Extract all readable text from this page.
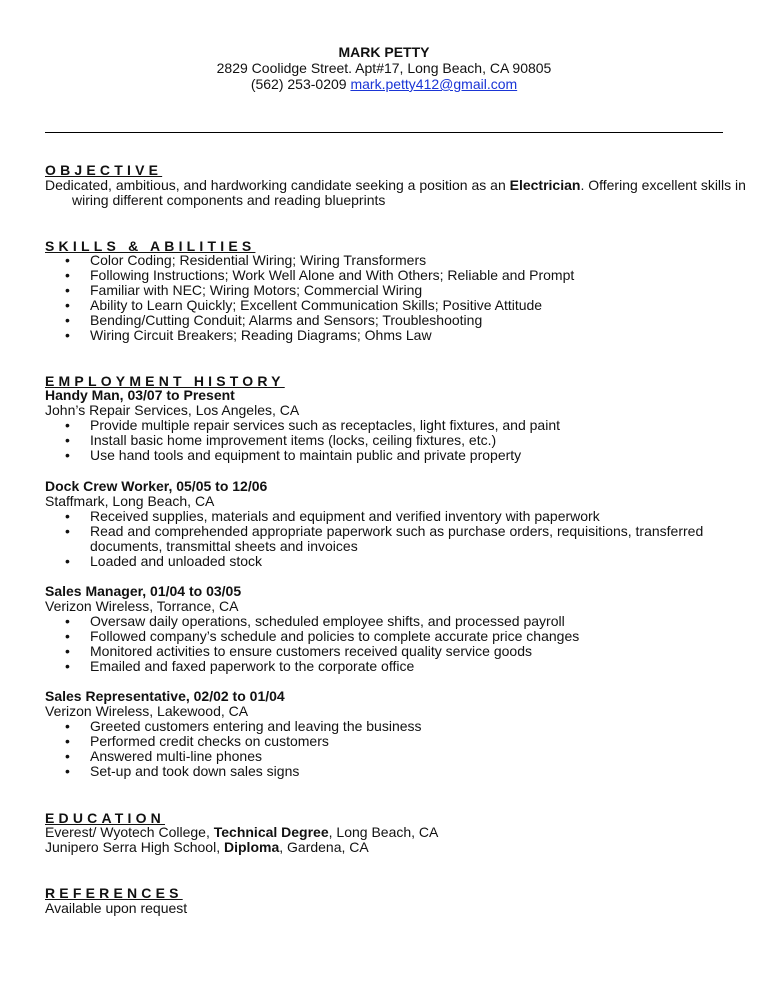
MARK PETTY
2829 Coolidge Street. Apt#17, Long Beach, CA 90805
(562) 253-0209 mark.petty412@gmail.com
OBJECTIVE
Dedicated, ambitious, and hardworking candidate seeking a position as an Electrician. Offering excellent skills in wiring different components and reading blueprints
SKILLS & ABILITIES
• Color Coding; Residential Wiring; Wiring Transformers
• Following Instructions; Work Well Alone and With Others; Reliable and Prompt
• Familiar with NEC; Wiring Motors; Commercial Wiring
• Ability to Learn Quickly; Excellent Communication Skills; Positive Attitude
• Bending/Cutting Conduit; Alarms and Sensors; Troubleshooting
• Wiring Circuit Breakers; Reading Diagrams; Ohms Law
EMPLOYMENT HISTORY
Handy Man, 03/07 to Present
John’s Repair Services, Los Angeles, CA
• Provide multiple repair services such as receptacles, light fixtures, and paint
• Install basic home improvement items (locks, ceiling fixtures, etc.)
• Use hand tools and equipment to maintain public and private property
Dock Crew Worker, 05/05 to 12/06
Staffmark, Long Beach, CA
• Received supplies, materials and equipment and verified inventory with paperwork
• Read and comprehended appropriate paperwork such as purchase orders, requisitions, transferred documents, transmittal sheets and invoices
• Loaded and unloaded stock
Sales Manager, 01/04 to 03/05
Verizon Wireless, Torrance, CA
• Oversaw daily operations, scheduled employee shifts, and processed payroll
• Followed company’s schedule and policies to complete accurate price changes
• Monitored activities to ensure customers received quality service goods
• Emailed and faxed paperwork to the corporate office
Sales Representative, 02/02 to 01/04
Verizon Wireless, Lakewood, CA
• Greeted customers entering and leaving the business
• Performed credit checks on customers
• Answered multi-line phones
• Set-up and took down sales signs
EDUCATION
Everest/ Wyotech College, Technical Degree, Long Beach, CA
Junipero Serra High School, Diploma, Gardena, CA
REFERENCES
Available upon request
